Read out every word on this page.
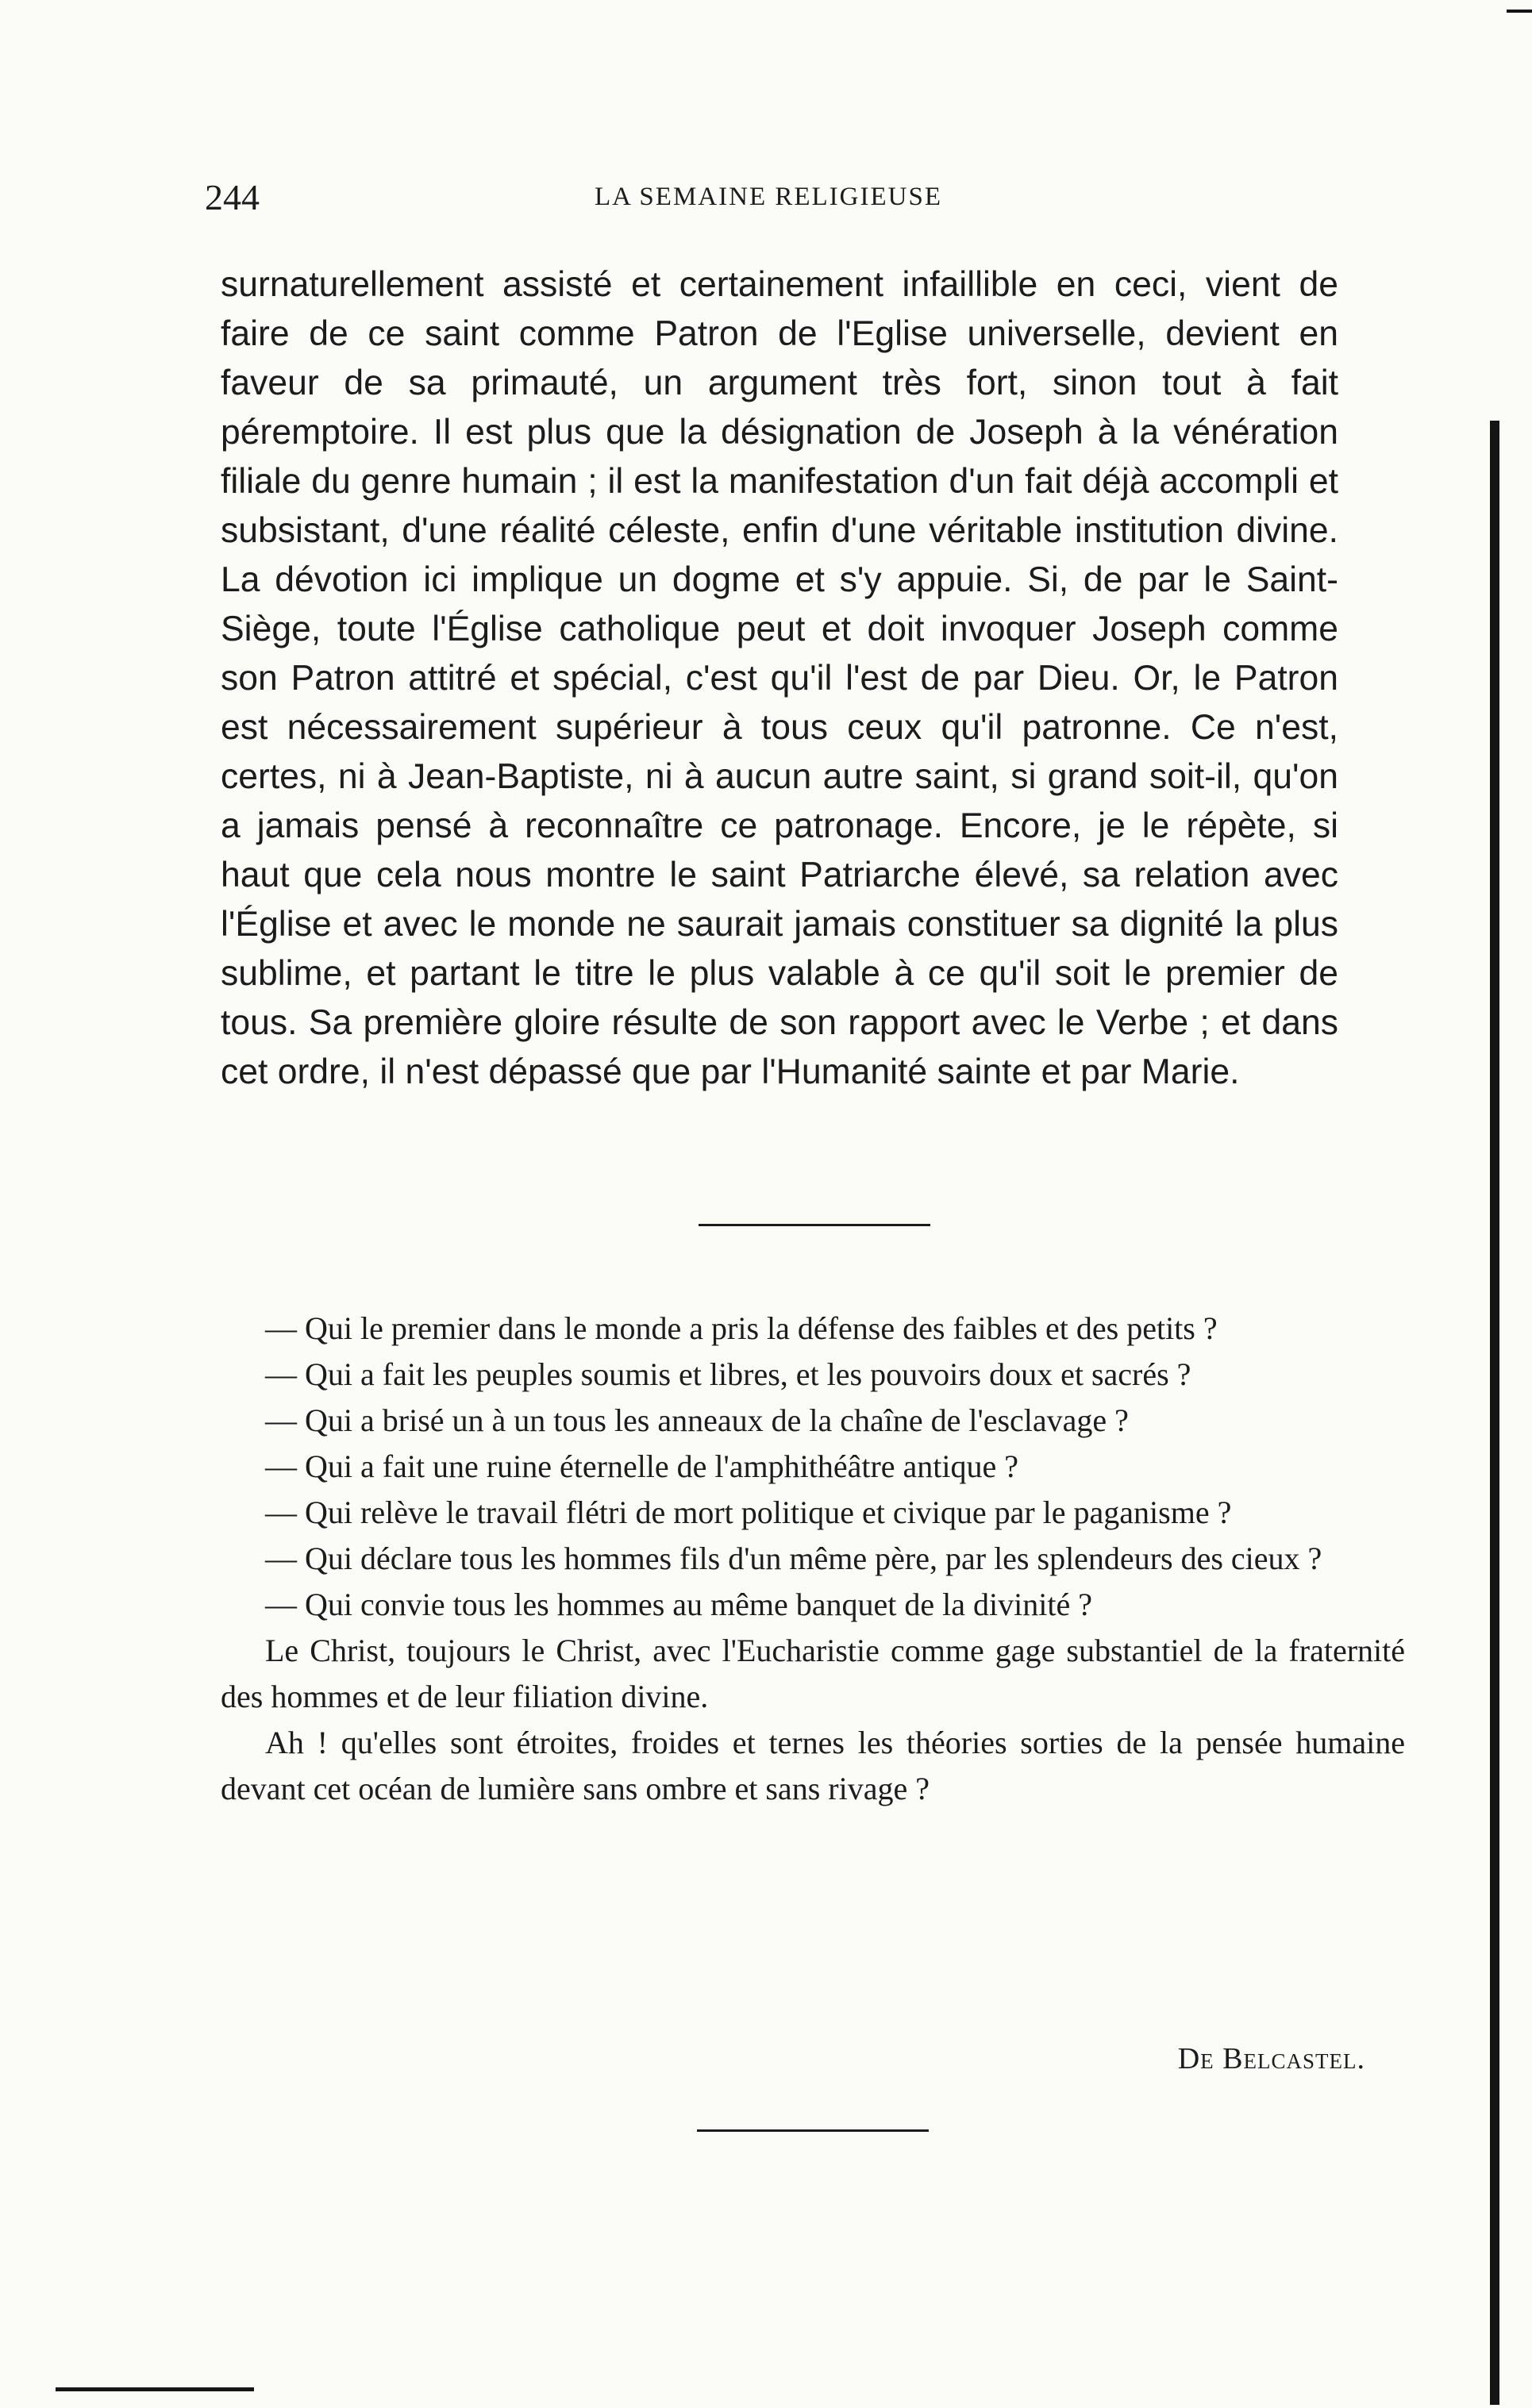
244	LA SEMAINE RELIGIEUSE

surnaturellement assisté et certainement infaillible en ceci, vient de faire de ce saint comme Patron de l'Eglise universelle, devient en faveur de sa primauté, un argument très fort, sinon tout à fait péremptoire. Il est plus que la désignation de Joseph à la vénération filiale du genre humain ; il est la manifestation d'un fait déjà accompli et subsistant, d'une réalité céleste, enfin d'une véritable institution divine. La dévotion ici implique un dogme et s'y appuie. Si, de par le Saint-Siège, toute l'Église catholique peut et doit invoquer Joseph comme son Patron attitré et spécial, c'est qu'il l'est de par Dieu. Or, le Patron est nécessairement supérieur à tous ceux qu'il patronne. Ce n'est, certes, ni à Jean-Baptiste, ni à aucun autre saint, si grand soit-il, qu'on a jamais pensé à reconnaître ce patronage. Encore, je le répète, si haut que cela nous montre le saint Patriarche élevé, sa relation avec l'Église et avec le monde ne saurait jamais constituer sa dignité la plus sublime, et partant le titre le plus valable à ce qu'il soit le premier de tous. Sa première gloire résulte de son rapport avec le Verbe ; et dans cet ordre, il n'est dépassé que par l'Humanité sainte et par Marie.

— Qui le premier dans le monde a pris la défense des faibles et des petits ?

— Qui a fait les peuples soumis et libres, et les pouvoirs doux et sacrés ?

— Qui a brisé un à un tous les anneaux de la chaîne de l'esclavage ?

— Qui a fait une ruine éternelle de l'amphithéâtre antique ?

— Qui relève le travail flétri de mort politique et civique par le paganisme ?

— Qui déclare tous les hommes fils d'un même père, par les splendeurs des cieux ?

— Qui convie tous les hommes au même banquet de la divinité ?

Le Christ, toujours le Christ, avec l'Eucharistie comme gage substantiel de la fraternité des hommes et de leur filiation divine.

Ah ! qu'elles sont étroites, froides et ternes les théories sorties de la pensée humaine devant cet océan de lumière sans ombre et sans rivage ?

De Belcastel.
